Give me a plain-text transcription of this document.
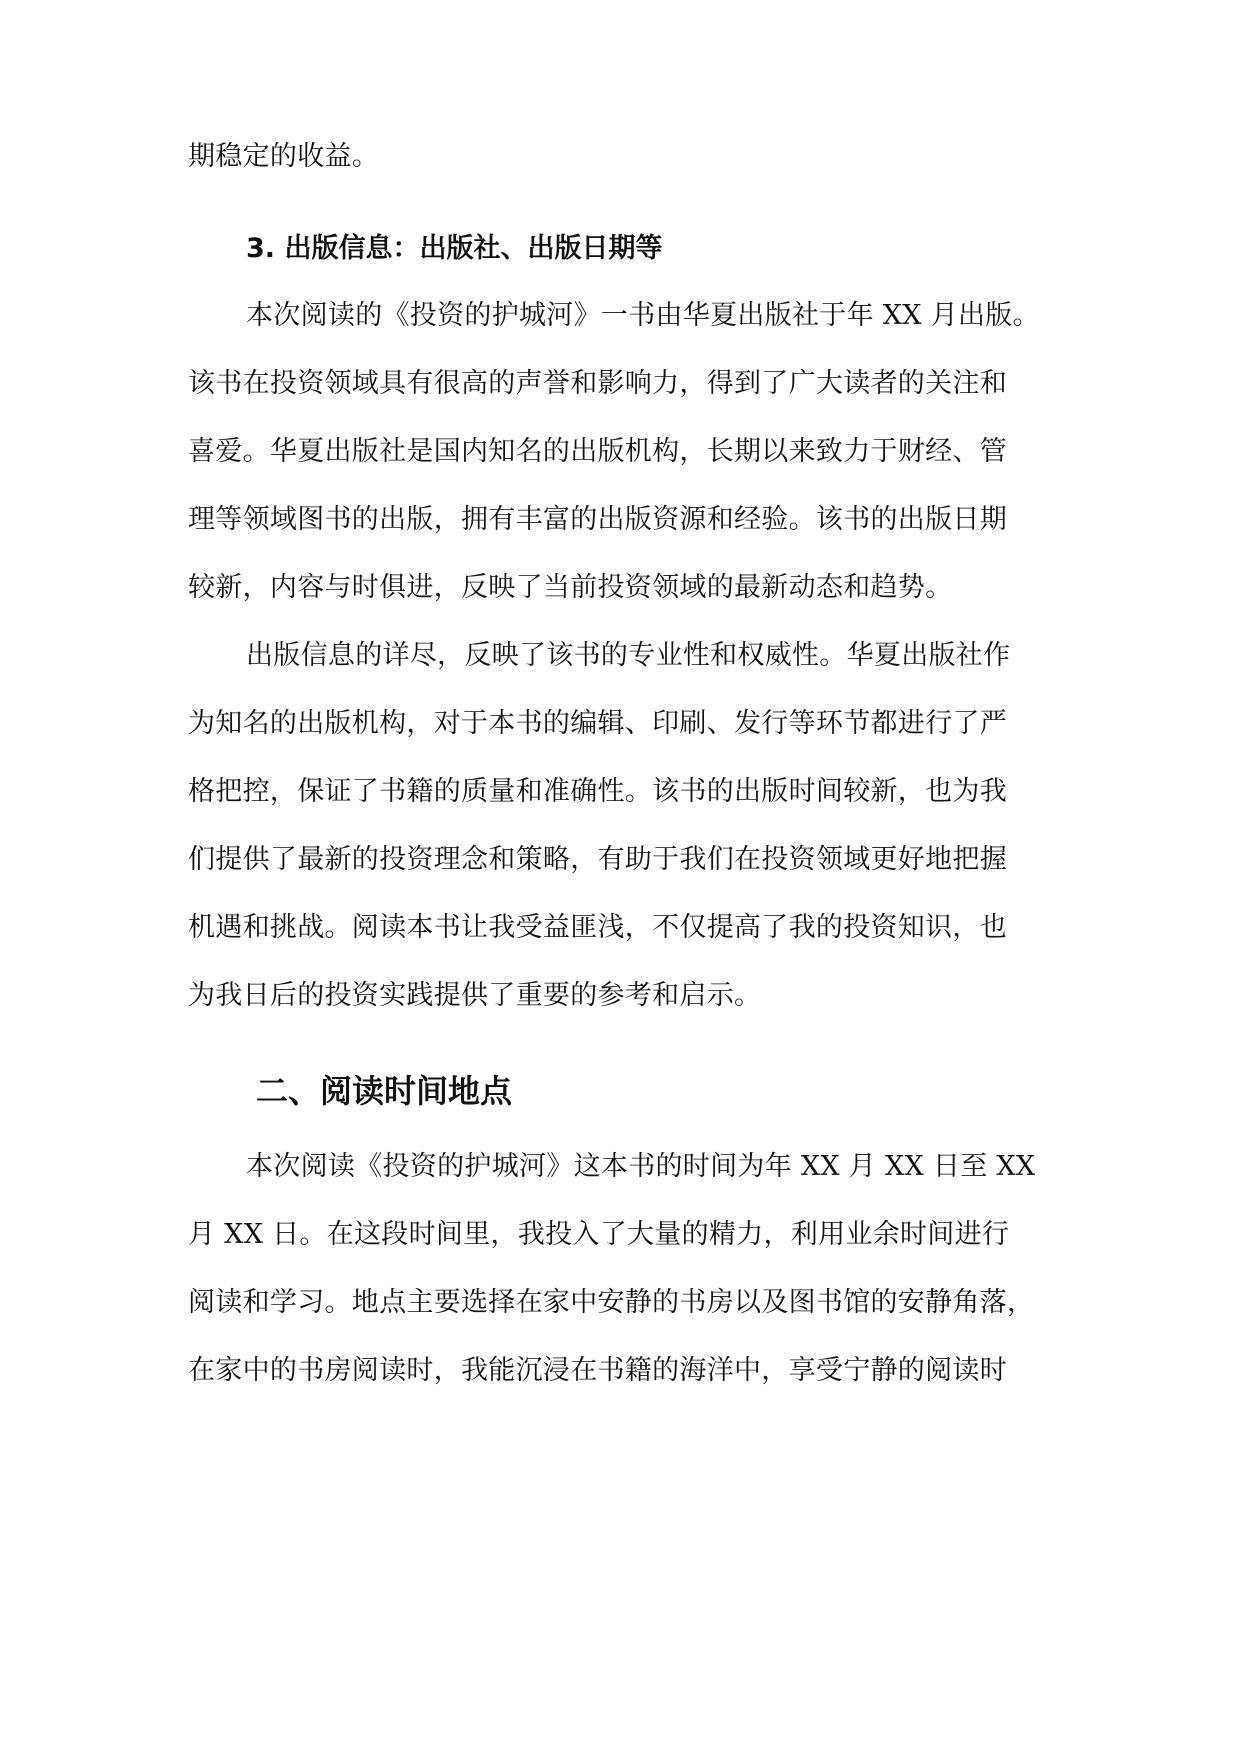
期稳定的收益。

3. 出版信息：出版社、出版日期等

本次阅读的《投资的护城河》一书由华夏出版社于年 XX 月出版。

该书在投资领域具有很高的声誉和影响力，得到了广大读者的关注和

喜爱。华夏出版社是国内知名的出版机构，长期以来致力于财经、管

理等领域图书的出版，拥有丰富的出版资源和经验。该书的出版日期

较新，内容与时俱进，反映了当前投资领域的最新动态和趋势。

出版信息的详尽，反映了该书的专业性和权威性。华夏出版社作

为知名的出版机构，对于本书的编辑、印刷、发行等环节都进行了严

格把控，保证了书籍的质量和准确性。该书的出版时间较新，也为我

们提供了最新的投资理念和策略，有助于我们在投资领域更好地把握

机遇和挑战。阅读本书让我受益匪浅，不仅提高了我的投资知识，也

为我日后的投资实践提供了重要的参考和启示。

二、阅读时间地点

本次阅读《投资的护城河》这本书的时间为年 XX 月 XX 日至 XX

月 XX 日。在这段时间里，我投入了大量的精力，利用业余时间进行

阅读和学习。地点主要选择在家中安静的书房以及图书馆的安静角落，

在家中的书房阅读时，我能沉浸在书籍的海洋中，享受宁静的阅读时
